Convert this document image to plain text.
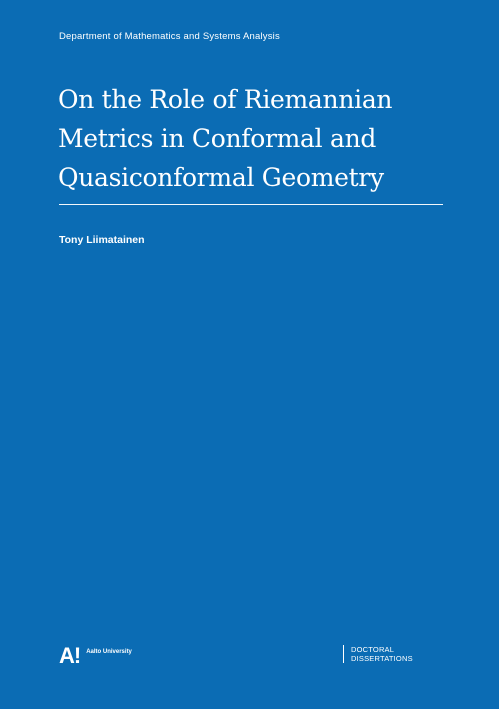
Department of Mathematics and Systems Analysis
On the Role of Riemannian
Metrics in Conformal and
Quasiconformal Geometry
Tony Liimatainen
A! Aalto University	DOCTORAL
DISSERTATIONS
